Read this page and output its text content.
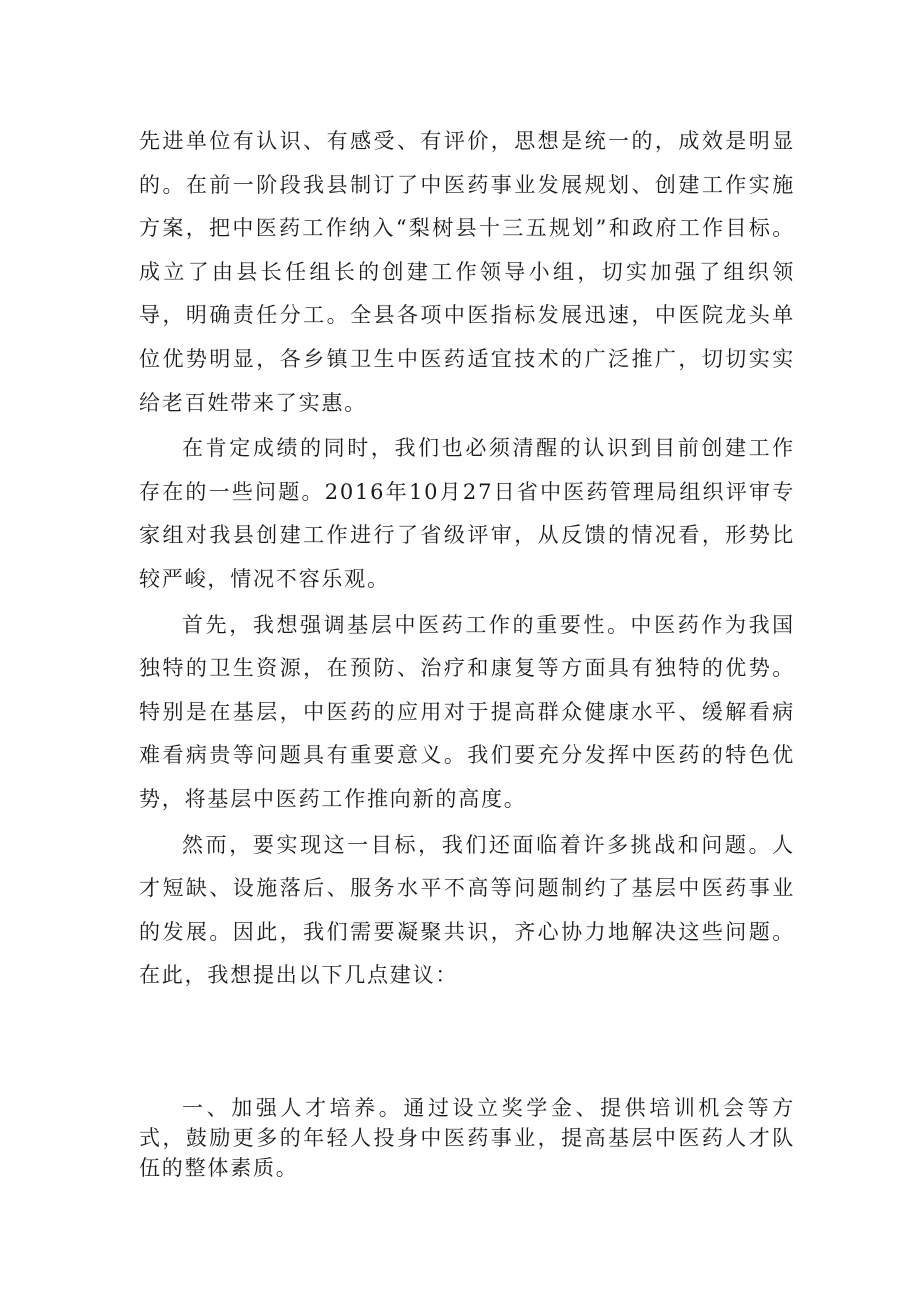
先进单位有认识、有感受、有评价，思想是统一的，成效是明显的。在前一阶段我县制订了中医药事业发展规划、创建工作实施方案，把中医药工作纳入“梨树县十三五规划”和政府工作目标。成立了由县长任组长的创建工作领导小组，切实加强了组织领导，明确责任分工。全县各项中医指标发展迅速，中医院龙头单位优势明显，各乡镇卫生中医药适宜技术的广泛推广，切切实实给老百姓带来了实惠。

在肯定成绩的同时，我们也必须清醒的认识到目前创建工作存在的一些问题。2016年10月27日省中医药管理局组织评审专家组对我县创建工作进行了省级评审，从反馈的情况看，形势比较严峻，情况不容乐观。

首先，我想强调基层中医药工作的重要性。中医药作为我国独特的卫生资源，在预防、治疗和康复等方面具有独特的优势。特别是在基层，中医药的应用对于提高群众健康水平、缓解看病难看病贵等问题具有重要意义。我们要充分发挥中医药的特色优势，将基层中医药工作推向新的高度。

然而，要实现这一目标，我们还面临着许多挑战和问题。人才短缺、设施落后、服务水平不高等问题制约了基层中医药事业的发展。因此，我们需要凝聚共识，齐心协力地解决这些问题。在此，我想提出以下几点建议：

一、加强人才培养。通过设立奖学金、提供培训机会等方式，鼓励更多的年轻人投身中医药事业，提高基层中医药人才队伍的整体素质。
